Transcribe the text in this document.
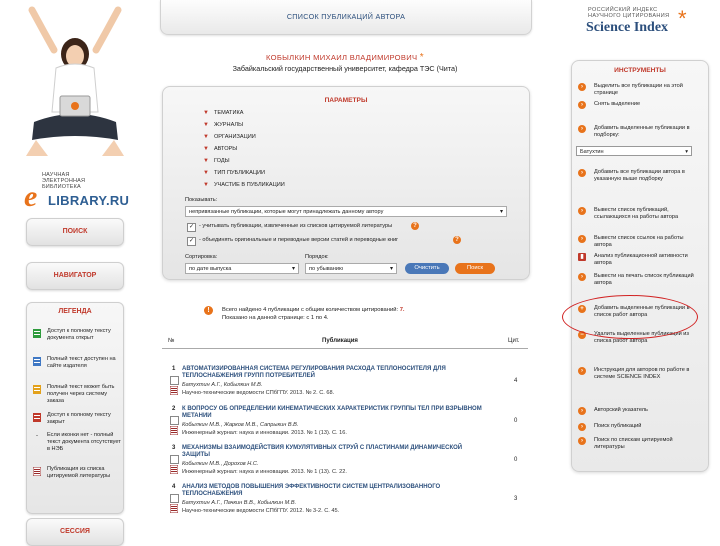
НАУЧНАЯ ЭЛЕКТРОННАЯ БИБЛИОТЕКА
e LIBRARY.RU
ПОИСК
НАВИГАТОР
ЛЕГЕНДА
Доступ к полному тексту документа открыт
Полный текст доступен на сайте издателя
Полный текст может быть получен через систему заказа
Доступ к полному тексту закрыт
-	Если иконки нет - полный текст документа отсутствует в НЭБ
Публикация из списка цитируемой литературы
СЕССИЯ
СПИСОК ПУБЛИКАЦИЙ АВТОРА
КОБЫЛКИН МИХАИЛ ВЛАДИМИРОВИЧ *
Забайкальский государственный университет, кафедра ТЭС (Чита)
ПАРАМЕТРЫ
▼ ТЕМАТИКА
▼ ЖУРНАЛЫ
▼ ОРГАНИЗАЦИИ
▼ АВТОРЫ
▼ ГОДЫ
▼ ТИП ПУБЛИКАЦИИ
▼ УЧАСТИЕ В ПУБЛИКАЦИИ
Показывать:
непривязанные публикации, которые могут принадлежать данному автору	▾
✓ - учитывать публикации, извлеченные из списков цитируемой литературы	?
✓ - объединять оригинальные и переводные версии статей и переводные книг	?
Сортировка:
по дате выпуска	▾
Порядок:
по убыванию	▾	Очистить	Поиск
!	Всего найдено 4 публикации с общим количеством цитирований: 7.
Показано на данной странице: с 1 по 4.
№	Публикация	Цит.
1 АВТОМАТИЗИРОВАННАЯ СИСТЕМА РЕГУЛИРОВАНИЯ РАСХОДА ТЕПЛОНОСИТЕЛЯ ДЛЯ ТЕПЛОСНАБЖЕНИЯ ГРУПП ПОТРЕБИТЕЛЕЙ
Батухтин А.Г., Кобылкин М.В.
Научно-технические ведомости СПбГПУ. 2013. № 2. С. 68.
4
2 К ВОПРОСУ ОБ ОПРЕДЕЛЕНИИ КИНЕМАТИЧЕСКИХ ХАРАКТЕРИСТИК ГРУППЫ ТЕЛ ПРИ ВЗРЫВНОМ МЕТАНИИ
Кобылкин М.В., Жарков М.В., Сапрыкин В.В.
Инженерный журнал: наука и инновации. 2013. № 1 (13). С. 16.
0
3 МЕХАНИЗМЫ ВЗАИМОДЕЙСТВИЯ КУМУЛЯТИВНЫХ СТРУЙ С ПЛАСТИНАМИ ДИНАМИЧЕСКОЙ ЗАЩИТЫ
Кобылкин М.В., Дорохов Н.С.
Инженерный журнал: наука и инновации. 2013. № 1 (13). С. 22.
0
4 АНАЛИЗ МЕТОДОВ ПОВЫШЕНИЯ ЭФФЕКТИВНОСТИ СИСТЕМ ЦЕНТРАЛИЗОВАННОГО ТЕПЛОСНАБЖЕНИЯ
Батухтин А.Г., Пачкин В.В., Кобылкин М.В.
Научно-технические ведомости СПбГПУ. 2012. № 3-2. С. 45.
3
РОССИЙСКИЙ ИНДЕКС НАУЧНОГО ЦИТИРОВАНИЯ
Science Index *
ИНСТРУМЕНТЫ
›	Выделить все публикации на этой странице
›	Снять выделение
›	Добавить выделенные публикации в подборку:
›	Добавить все публикации автора в указанную выше подборку
›	Вывести список публикаций, ссылающихся на работы автора
›	Вывести список ссылок на работы автора
▮	Анализ публикационной активности автора
›	Вывести на печать список публикаций автора
+	Добавить выделенные публикации в список работ автора
−	Удалить выделенные публикации из списка работ автора
›	Инструкция для авторов по работе в системе SCIENCE INDEX
›	Авторский указатель
›	Поиск публикаций
›	Поиск по спискам цитируемой литературы
Батухтин	▾
